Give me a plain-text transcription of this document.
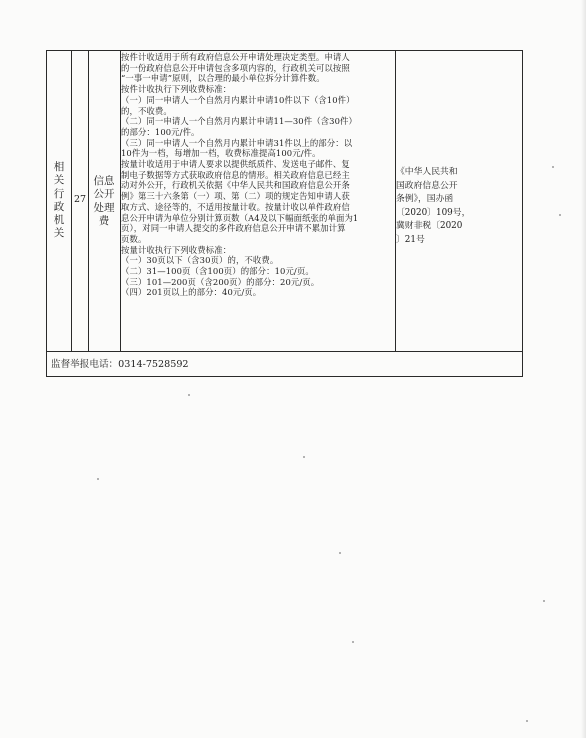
相
关
行
政
机
关
27
信息
公开
处理
费
按件计收适用于所有政府信息公开申请处理决定类型。申请人
的一份政府信息公开申请包含多项内容的，行政机关可以按照
“一事一申请”原则，以合理的最小单位拆分计算件数。
按件计收执行下列收费标准：
（一）同一申请人一个自然月内累计申请10件以下（含10件）
的，不收费。
（二）同一申请人一个自然月内累计申请11—30件（含30件）
的部分：100元/件。
（三）同一申请人一个自然月内累计申请31件以上的部分：以
10件为一档，每增加一档，收费标准提高100元/件。
按量计收适用于申请人要求以提供纸质件、发送电子邮件、复
制电子数据等方式获取政府信息的情形。相关政府信息已经主
动对外公开，行政机关依据《中华人民共和国政府信息公开条
例》第三十六条第（一）项、第（二）项的规定告知申请人获
取方式、途径等的，不适用按量计收。按量计收以单件政府信
息公开申请为单位分别计算页数（A4及以下幅面纸张的单面为1
页），对同一申请人提交的多件政府信息公开申请不累加计算
页数。
按量计收执行下列收费标准：
（一）30页以下（含30页）的，不收费。
（二）31—100页（含100页）的部分：10元/页。
（三）101—200页（含200页）的部分：20元/页。
（四）201页以上的部分：40元/页。
《中华人民共和
国政府信息公开
条例》，国办函
〔2020〕109号，
冀财非税〔2020
〕21号
监督举报电话：0314-7528592
